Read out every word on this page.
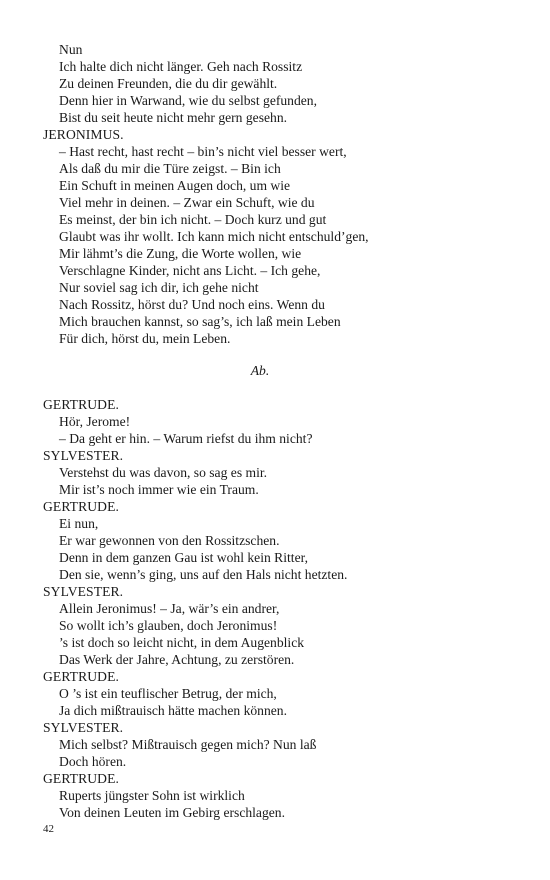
Nun
Ich halte dich nicht länger. Geh nach Rossitz
Zu deinen Freunden, die du dir gewählt.
Denn hier in Warwand, wie du selbst gefunden,
Bist du seit heute nicht mehr gern gesehn.
JERONIMUS.
– Hast recht, hast recht – bin’s nicht viel besser wert,
Als daß du mir die Türe zeigst. – Bin ich
Ein Schuft in meinen Augen doch, um wie
Viel mehr in deinen. – Zwar ein Schuft, wie du
Es meinst, der bin ich nicht. – Doch kurz und gut
Glaubt was ihr wollt. Ich kann mich nicht entschuld’gen,
Mir lähmt’s die Zung, die Worte wollen, wie
Verschlagne Kinder, nicht ans Licht. – Ich gehe,
Nur soviel sag ich dir, ich gehe nicht
Nach Rossitz, hörst du? Und noch eins. Wenn du
Mich brauchen kannst, so sag’s, ich laß mein Leben
Für dich, hörst du, mein Leben.
Ab.
GERTRUDE.
Hör, Jerome!
– Da geht er hin. – Warum riefst du ihm nicht?
SYLVESTER.
Verstehst du was davon, so sag es mir.
Mir ist’s noch immer wie ein Traum.
GERTRUDE.
Ei nun,
Er war gewonnen von den Rossitzschen.
Denn in dem ganzen Gau ist wohl kein Ritter,
Den sie, wenn’s ging, uns auf den Hals nicht hetzten.
SYLVESTER.
Allein Jeronimus! – Ja, wär’s ein andrer,
So wollt ich’s glauben, doch Jeronimus!
’s ist doch so leicht nicht, in dem Augenblick
Das Werk der Jahre, Achtung, zu zerstören.
GERTRUDE.
O ’s ist ein teuflischer Betrug, der mich,
Ja dich mißtrauisch hätte machen können.
SYLVESTER.
Mich selbst? Mißtrauisch gegen mich? Nun laß
Doch hören.
GERTRUDE.
Ruperts jüngster Sohn ist wirklich
Von deinen Leuten im Gebirg erschlagen.
42
